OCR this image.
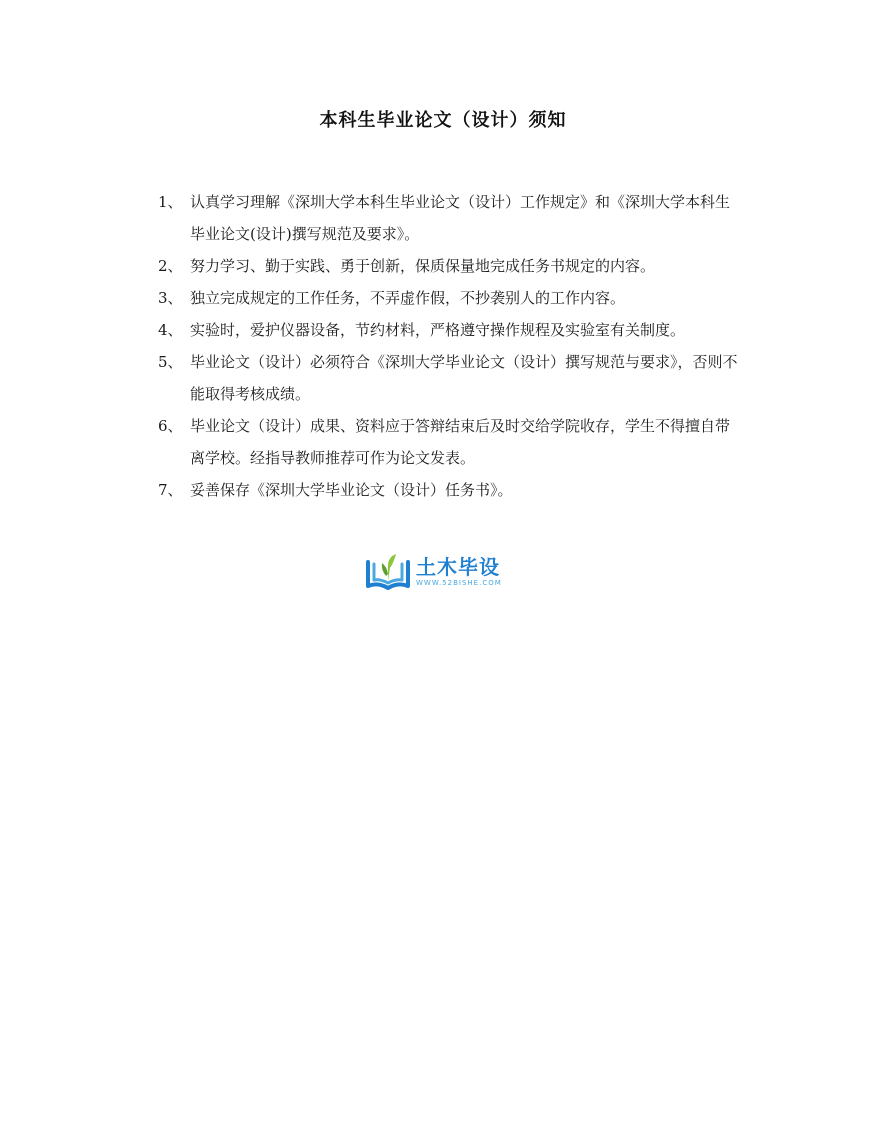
本科生毕业论文（设计）须知
1、 认真学习理解《深圳大学本科生毕业论文（设计）工作规定》和《深圳大学本科生毕业论文(设计)撰写规范及要求》。
2、 努力学习、勤于实践、勇于创新，保质保量地完成任务书规定的内容。
3、 独立完成规定的工作任务，不弄虚作假，不抄袭别人的工作内容。
4、 实验时，爱护仪器设备，节约材料，严格遵守操作规程及实验室有关制度。
5、 毕业论文（设计）必须符合《深圳大学毕业论文（设计）撰写规范与要求》，否则不能取得考核成绩。
6、 毕业论文（设计）成果、资料应于答辩结束后及时交给学院收存，学生不得擅自带离学校。经指导教师推荐可作为论文发表。
7、 妥善保存《深圳大学毕业论文（设计）任务书》。
土木毕设
WWW.52BISHE.COM
